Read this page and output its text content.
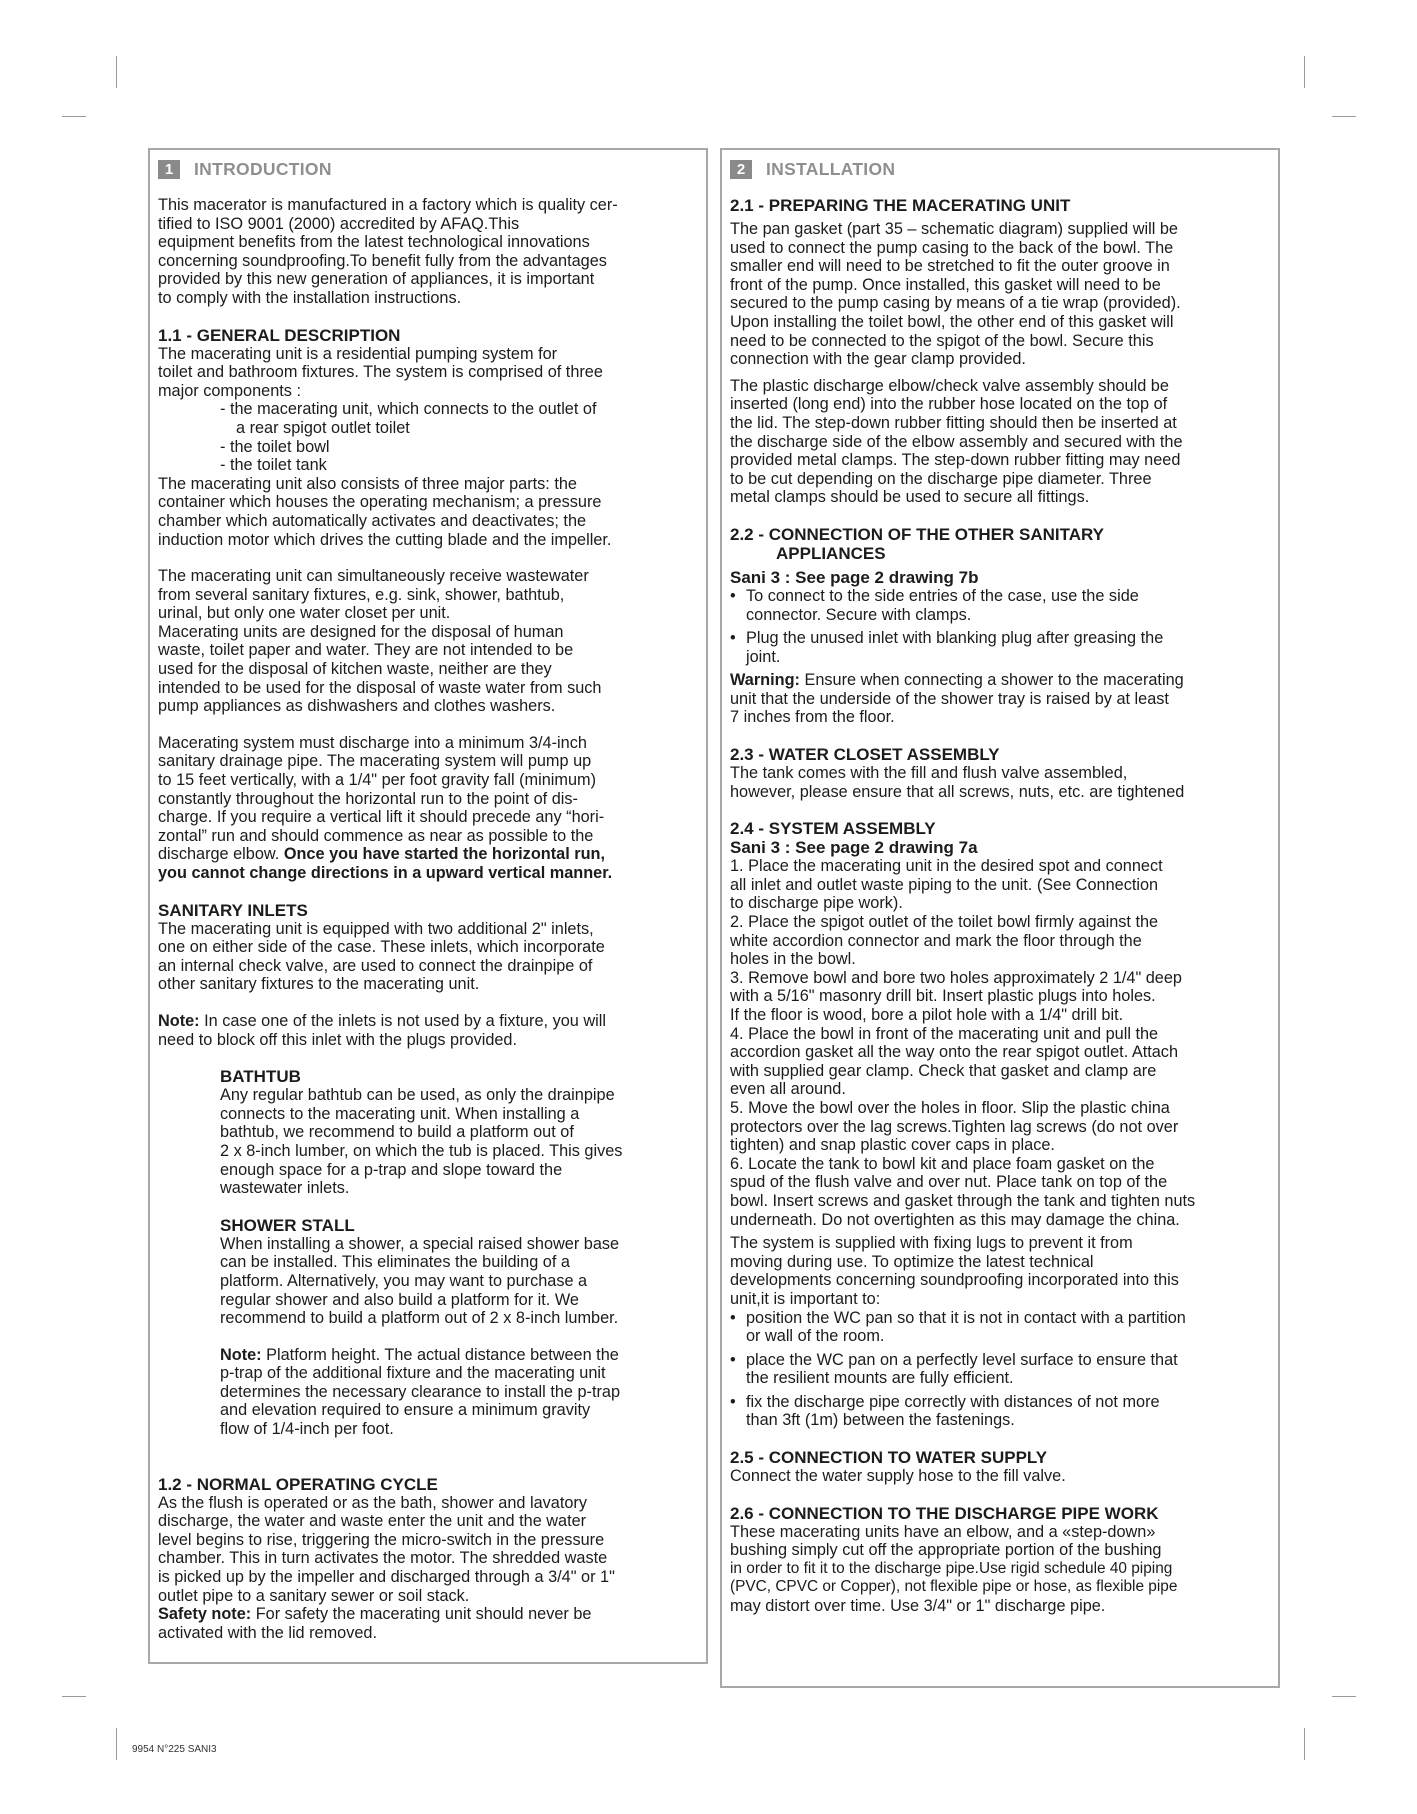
1	INTRODUCTION

This macerator is manufactured in a factory which is quality cer-

tified to ISO 9001 (2000) accredited by AFAQ.This

equipment benefits from the latest technological innovations

concerning soundproofing.To benefit fully from the advantages

provided by this new generation of appliances, it is important

to comply with the installation instructions.

1.1 - GENERAL DESCRIPTION

The macerating unit is a residential pumping system for

toilet and bathroom fixtures. The system is comprised of three

major components :

- the macerating unit, which connects to the outlet of

a rear spigot outlet toilet

- the toilet bowl

- the toilet tank

The macerating unit also consists of three major parts: the

container which houses the operating mechanism; a pressure

chamber which automatically activates and deactivates; the

induction motor which drives the cutting blade and the impeller.

The macerating unit can simultaneously receive wastewater

from several sanitary fixtures, e.g. sink, shower, bathtub,

urinal, but only one water closet per unit.

Macerating units are designed for the disposal of human

waste, toilet paper and water. They are not intended to be

used for the disposal of kitchen waste, neither are they

intended to be used for the disposal of waste water from such

pump appliances as dishwashers and clothes washers.

Macerating system must discharge into a minimum 3/4-inch

sanitary drainage pipe. The macerating system will pump up

to 15 feet vertically, with a 1/4" per foot gravity fall (minimum)

constantly throughout the horizontal run to the point of dis-

charge. If you require a vertical lift it should precede any “hori-

zontal” run and should commence as near as possible to the

discharge elbow. Once you have started the horizontal run,

you cannot change directions in a upward vertical manner.

SANITARY INLETS

The macerating unit is equipped with two additional 2" inlets,

one on either side of the case. These inlets, which incorporate

an internal check valve, are used to connect the drainpipe of

other sanitary fixtures to the macerating unit.

Note: In case one of the inlets is not used by a fixture, you will

need to block off this inlet with the plugs provided.

BATHTUB

Any regular bathtub can be used, as only the drainpipe

connects to the macerating unit. When installing a

bathtub, we recommend to build a platform out of

2 x 8-inch lumber, on which the tub is placed. This gives

enough space for a p-trap and slope toward the

wastewater inlets.

SHOWER STALL

When installing a shower, a special raised shower base

can be installed. This eliminates the building of a

platform. Alternatively, you may want to purchase a

regular shower and also build a platform for it. We

recommend to build a platform out of 2 x 8-inch lumber.

Note: Platform height. The actual distance between the

p-trap of the additional fixture and the macerating unit

determines the necessary clearance to install the p-trap

and elevation required to ensure a minimum gravity

flow of 1/4-inch per foot.

1.2 - NORMAL OPERATING CYCLE

As the flush is operated or as the bath, shower and lavatory

discharge, the water and waste enter the unit and the water

level begins to rise, triggering the micro-switch in the pressure

chamber. This in turn activates the motor. The shredded waste

is picked up by the impeller and discharged through a 3/4" or 1"

outlet pipe to a sanitary sewer or soil stack.

Safety note: For safety the macerating unit should never be

activated with the lid removed.

2	INSTALLATION

2.1 - PREPARING THE MACERATING UNIT

The pan gasket (part 35 – schematic diagram) supplied will be

used to connect the pump casing to the back of the bowl. The

smaller end will need to be stretched to fit the outer groove in

front of the pump. Once installed, this gasket will need to be

secured to the pump casing by means of a tie wrap (provided).

Upon installing the toilet bowl, the other end of this gasket will

need to be connected to the spigot of the bowl. Secure this

connection with the gear clamp provided.

The plastic discharge elbow/check valve assembly should be

inserted (long end) into the rubber hose located on the top of

the lid. The step-down rubber fitting should then be inserted at

the discharge side of the elbow assembly and secured with the

provided metal clamps. The step-down rubber fitting may need

to be cut depending on the discharge pipe diameter. Three

metal clamps should be used to secure all fittings.

2.2 - CONNECTION OF THE OTHER SANITARY

APPLIANCES

Sani 3 : See page 2 drawing 7b

• To connect to the side entries of the case, use the side

connector. Secure with clamps.

• Plug the unused inlet with blanking plug after greasing the

joint.

Warning: Ensure when connecting a shower to the macerating

unit that the underside of the shower tray is raised by at least

7 inches from the floor.

2.3 - WATER CLOSET ASSEMBLY

The tank comes with the fill and flush valve assembled,

however, please ensure that all screws, nuts, etc. are tightened

2.4 - SYSTEM ASSEMBLY

Sani 3 : See page 2 drawing 7a

1. Place the macerating unit in the desired spot and connect

all inlet and outlet waste piping to the unit. (See Connection

to discharge pipe work).

2. Place the spigot outlet of the toilet bowl firmly against the

white accordion connector and mark the floor through the

holes in the bowl.

3. Remove bowl and bore two holes approximately 2 1/4" deep

with a 5/16" masonry drill bit. Insert plastic plugs into holes.

If the floor is wood, bore a pilot hole with a 1/4" drill bit.

4. Place the bowl in front of the macerating unit and pull the

accordion gasket all the way onto the rear spigot outlet. Attach

with supplied gear clamp. Check that gasket and clamp are

even all around.

5. Move the bowl over the holes in floor. Slip the plastic china

protectors over the lag screws.Tighten lag screws (do not over

tighten) and snap plastic cover caps in place.

6. Locate the tank to bowl kit and place foam gasket on the

spud of the flush valve and over nut. Place tank on top of the

bowl. Insert screws and gasket through the tank and tighten nuts

underneath. Do not overtighten as this may damage the china.

The system is supplied with fixing lugs to prevent it from

moving during use. To optimize the latest technical

developments concerning soundproofing incorporated into this

unit,it is important to:

• position the WC pan so that it is not in contact with a partition

or wall of the room.

• place the WC pan on a perfectly level surface to ensure that

the resilient mounts are fully efficient.

• fix the discharge pipe correctly with distances of not more

than 3ft (1m) between the fastenings.

2.5 - CONNECTION TO WATER SUPPLY

Connect the water supply hose to the fill valve.

2.6 - CONNECTION TO THE DISCHARGE PIPE WORK

These macerating units have an elbow, and a «step-down»

bushing simply cut off the appropriate portion of the bushing

in order to fit it to the discharge pipe.Use rigid schedule 40 piping

(PVC, CPVC or Copper), not flexible pipe or hose, as flexible pipe

may distort over time. Use 3/4" or 1" discharge pipe.

9954 N°225 SANI3
